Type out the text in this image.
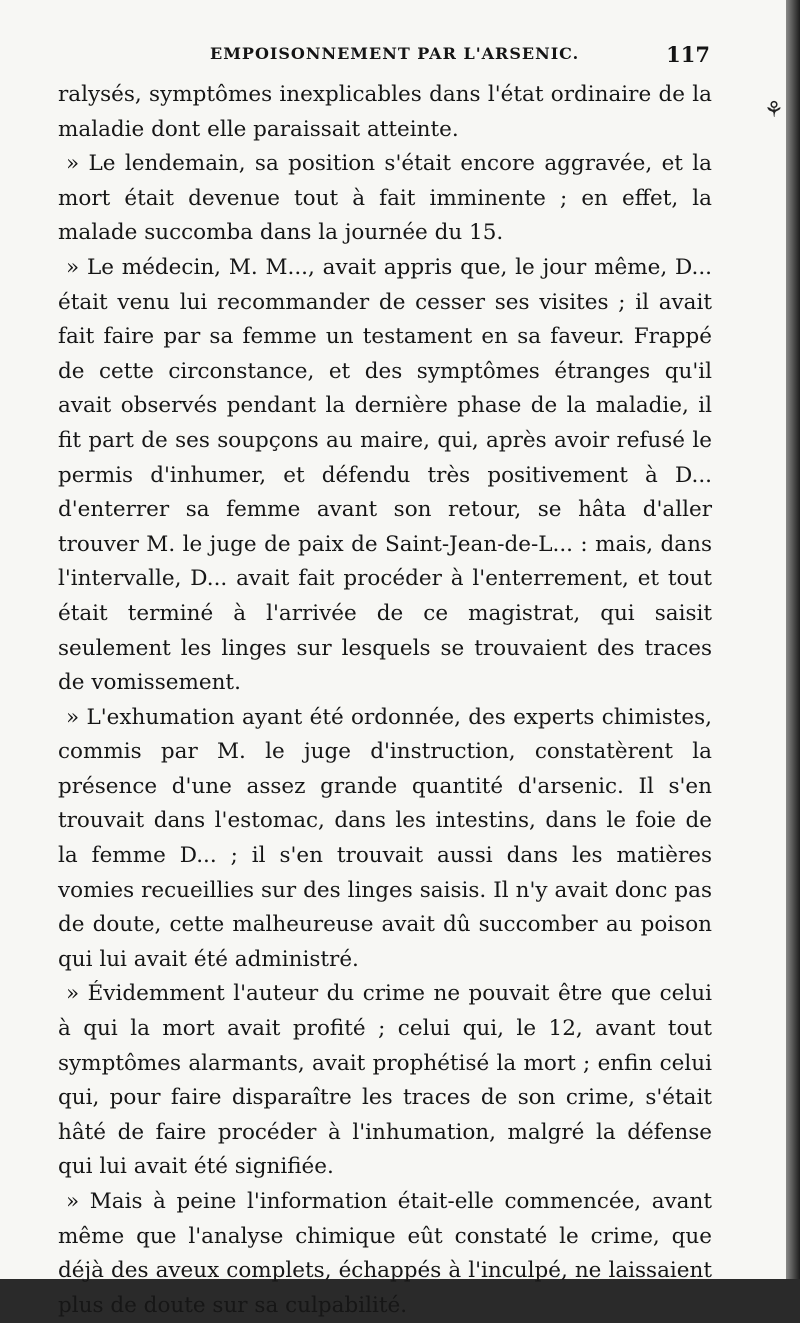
EMPOISONNEMENT PAR L'ARSENIC.	117
⚘

ralysés, symptômes inexplicables dans l'état ordinaire de la maladie dont elle paraissait atteinte.

» Le lendemain, sa position s'était encore aggravée, et la mort était devenue tout à fait imminente ; en effet, la malade succomba dans la journée du 15.

» Le médecin, M. M..., avait appris que, le jour même, D... était venu lui recommander de cesser ses visites ; il avait fait faire par sa femme un testament en sa faveur. Frappé de cette circonstance, et des symptômes étranges qu'il avait observés pendant la dernière phase de la maladie, il fit part de ses soupçons au maire, qui, après avoir refusé le permis d'inhumer, et défendu très positivement à D... d'enterrer sa femme avant son retour, se hâta d'aller trouver M. le juge de paix de Saint-Jean-de-L... : mais, dans l'intervalle, D... avait fait procéder à l'enterrement, et tout était terminé à l'arrivée de ce magistrat, qui saisit seulement les linges sur lesquels se trouvaient des traces de vomissement.

» L'exhumation ayant été ordonnée, des experts chimistes, commis par M. le juge d'instruction, constatèrent la présence d'une assez grande quantité d'arsenic. Il s'en trouvait dans l'estomac, dans les intestins, dans le foie de la femme D... ; il s'en trouvait aussi dans les matières vomies recueillies sur des linges saisis. Il n'y avait donc pas de doute, cette malheureuse avait dû succomber au poison qui lui avait été administré.

» Évidemment l'auteur du crime ne pouvait être que celui à qui la mort avait profité ; celui qui, le 12, avant tout symptômes alarmants, avait prophétisé la mort ; enfin celui qui, pour faire disparaître les traces de son crime, s'était hâté de faire procéder à l'inhumation, malgré la défense qui lui avait été signifiée.

» Mais à peine l'information était-elle commencée, avant même que l'analyse chimique eût constaté le crime, que déjà des aveux complets, échappés à l'inculpé, ne laissaient plus de doute sur sa culpabilité.
